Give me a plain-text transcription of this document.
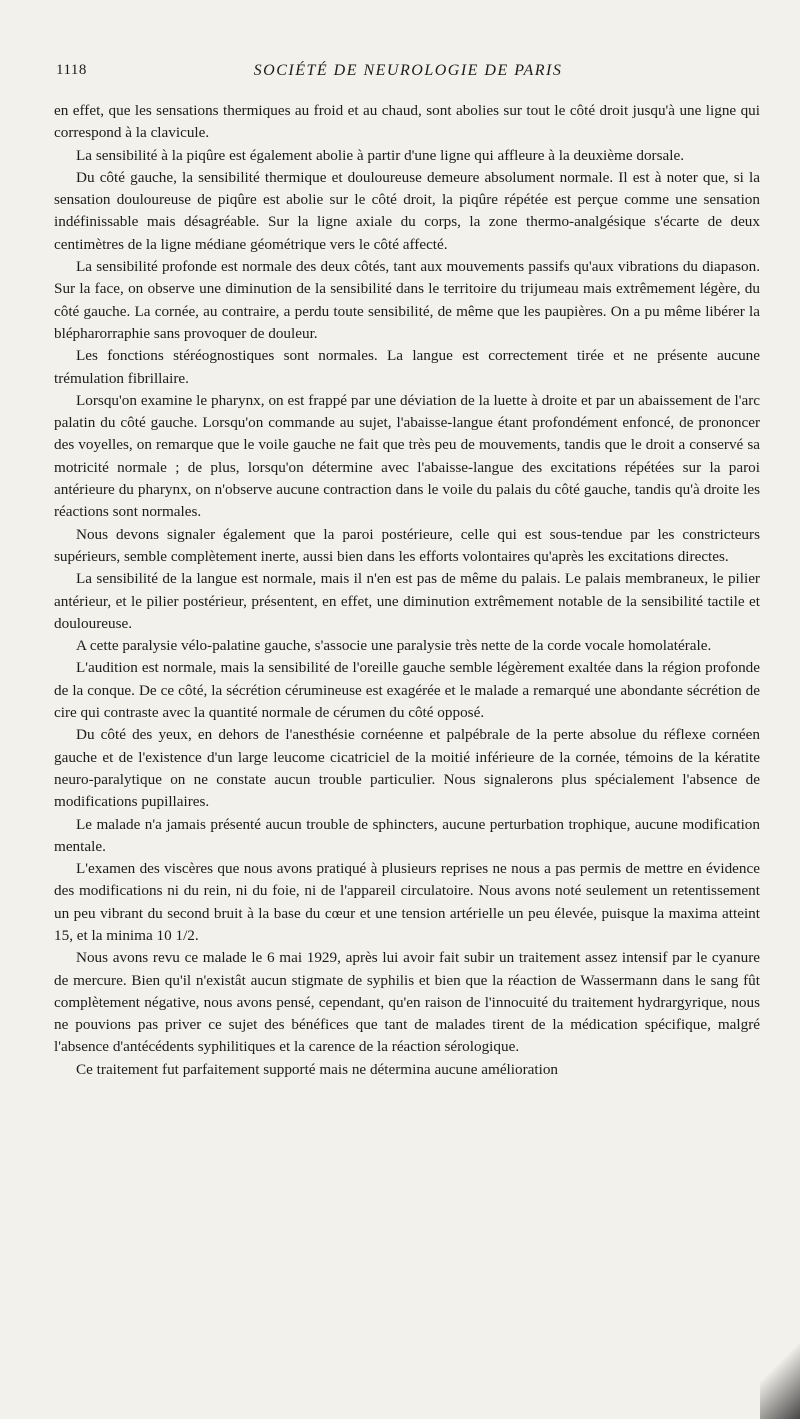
1118	SOCIÉTÉ DE NEUROLOGIE DE PARIS

en effet, que les sensations thermiques au froid et au chaud, sont abolies sur tout le côté droit jusqu'à une ligne qui correspond à la clavicule.

La sensibilité à la piqûre est également abolie à partir d'une ligne qui affleure à la deuxième dorsale.

Du côté gauche, la sensibilité thermique et douloureuse demeure absolument normale. Il est à noter que, si la sensation douloureuse de piqûre est abolie sur le côté droit, la piqûre répétée est perçue comme une sensation indéfinissable mais désagréable. Sur la ligne axiale du corps, la zone thermo-analgésique s'écarte de deux centimètres de la ligne médiane géométrique vers le côté affecté.

La sensibilité profonde est normale des deux côtés, tant aux mouvements passifs qu'aux vibrations du diapason. Sur la face, on observe une diminution de la sensibilité dans le territoire du trijumeau mais extrêmement légère, du côté gauche. La cornée, au contraire, a perdu toute sensibilité, de même que les paupières. On a pu même libérer la blépharorraphie sans provoquer de douleur.

Les fonctions stéréognostiques sont normales. La langue est correctement tirée et ne présente aucune trémulation fibrillaire.

Lorsqu'on examine le pharynx, on est frappé par une déviation de la luette à droite et par un abaissement de l'arc palatin du côté gauche. Lorsqu'on commande au sujet, l'abaisse-langue étant profondément enfoncé, de prononcer des voyelles, on remarque que le voile gauche ne fait que très peu de mouvements, tandis que le droit a conservé sa motricité normale ; de plus, lorsqu'on détermine avec l'abaisse-langue des excitations répétées sur la paroi antérieure du pharynx, on n'observe aucune contraction dans le voile du palais du côté gauche, tandis qu'à droite les réactions sont normales.

Nous devons signaler également que la paroi postérieure, celle qui est sous-tendue par les constricteurs supérieurs, semble complètement inerte, aussi bien dans les efforts volontaires qu'après les excitations directes.

La sensibilité de la langue est normale, mais il n'en est pas de même du palais. Le palais membraneux, le pilier antérieur, et le pilier postérieur, présentent, en effet, une diminution extrêmement notable de la sensibilité tactile et douloureuse.

A cette paralysie vélo-palatine gauche, s'associe une paralysie très nette de la corde vocale homolatérale.

L'audition est normale, mais la sensibilité de l'oreille gauche semble légèrement exaltée dans la région profonde de la conque. De ce côté, la sécrétion cérumineuse est exagérée et le malade a remarqué une abondante sécrétion de cire qui contraste avec la quantité normale de cérumen du côté opposé.

Du côté des yeux, en dehors de l'anesthésie cornéenne et palpébrale de la perte absolue du réflexe cornéen gauche et de l'existence d'un large leucome cicatriciel de la moitié inférieure de la cornée, témoins de la kératite neuro-paralytique on ne constate aucun trouble particulier. Nous signalerons plus spécialement l'absence de modifications pupillaires.

Le malade n'a jamais présenté aucun trouble de sphincters, aucune perturbation trophique, aucune modification mentale.

L'examen des viscères que nous avons pratiqué à plusieurs reprises ne nous a pas permis de mettre en évidence des modifications ni du rein, ni du foie, ni de l'appareil circulatoire. Nous avons noté seulement un retentissement un peu vibrant du second bruit à la base du cœur et une tension artérielle un peu élevée, puisque la maxima atteint 15, et la minima 10 1/2.

Nous avons revu ce malade le 6 mai 1929, après lui avoir fait subir un traitement assez intensif par le cyanure de mercure. Bien qu'il n'existât aucun stigmate de syphilis et bien que la réaction de Wassermann dans le sang fût complètement négative, nous avons pensé, cependant, qu'en raison de l'innocuité du traitement hydrargyrique, nous ne pouvions pas priver ce sujet des bénéfices que tant de malades tirent de la médication spécifique, malgré l'absence d'antécédents syphilitiques et la carence de la réaction sérologique.

Ce traitement fut parfaitement supporté mais ne détermina aucune amélioration
